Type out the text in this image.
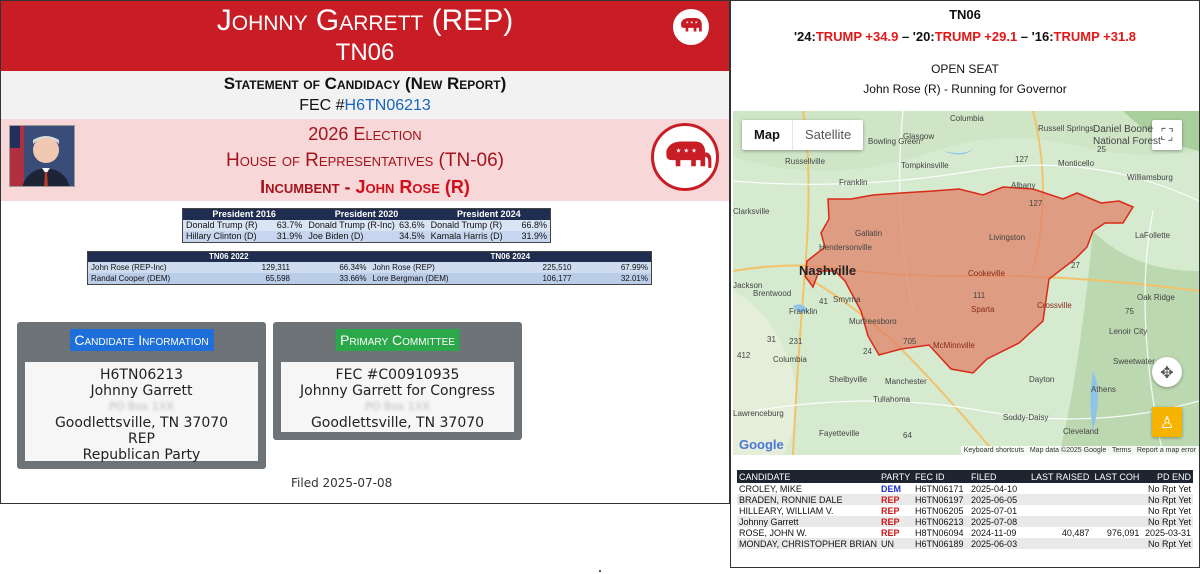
Johnny Garrett (REP)
TN06
★ ★ ★
Statement of Candidacy (New Report)
FEC #H6TN06213
2026 Election
House of Representatives (TN-06)
Incumbent - John Rose (R)
★ ★ ★
President 2016	President 2020	President 2024
Donald Trump (R) 63.7% Donald Trump (R-Inc) 63.6% Donald Trump (R) 66.8%
Hillary Clinton (D) 31.9% Joe Biden (D)	34.5% Kamala Harris (D) 31.9%
TN06 2022	TN06 2024
John Rose (REP-Inc)	129,311	66.34% John Rose (REP)	225,510	67.99%
Randal Cooper (DEM)	65,598	33.66% Lore Bergman (DEM)	106,177	32.01%
Candidate Information
H6TN06213
Johnny Garrett
PO Box 1XX
Goodlettsville, TN 37070
REP
Republican Party
Primary Committee
FEC #C00910935
Johnny Garrett for Congress
PO Box 1XX
Goodlettsville, TN 37070
Filed 2025-07-08
TN06
'24:TRUMP +34.9 – '20:TRUMP +29.1 – '16:TRUMP +31.8
OPEN SEAT
John Rose (R) - Running for Governor
Map	Satellite	⛶
✥
♙
Columbia
Russell Springs Daniel Boone
National Forest
Glasgow
Bowling Green
Russellville	Tompkinsville	Monticello
Franklin	Albany
Williamsburg
Clarksville
Gallatin
Hendersonville
Livingston	LaFollette
Nashville	Cookeville
Jackson
Brentwood
Smyrna
Sparta	Crossville
Oak Ridge
Franklin
Murfreesboro
Lenoir City
McMinnville
Columbia	Sweetwater
Shelbyville Manchester	Dayton
Tullahoma
Athens
Lawrenceburg	Soddy-Daisy
Fayetteville	Cleveland
127
127
25
27
111
41
231
75
24
64
705
412
31
Google	Keyboard shortcuts Map data ©2025 Google Terms Report a map error
CANDIDATE	PARTY	FEC ID	FILED	LAST RAISED	LAST COH	PD END
CROLEY, MIKE	DEM	H6TN06171	2025-04-10			No Rpt Yet
BRADEN, RONNIE DALE	REP	H6TN06197	2025-06-05			No Rpt Yet
HILLEARY, WILLIAM V.	REP	H6TN06205	2025-07-01			No Rpt Yet
Johnny Garrett	REP	H6TN06213	2025-07-08			No Rpt Yet
ROSE, JOHN W.	REP	H8TN06094	2024-11-09	40,487	976,091	2025-03-31
MONDAY, CHRISTOPHER BRIAN	UN	H6TN06189	2025-06-03			No Rpt Yet
